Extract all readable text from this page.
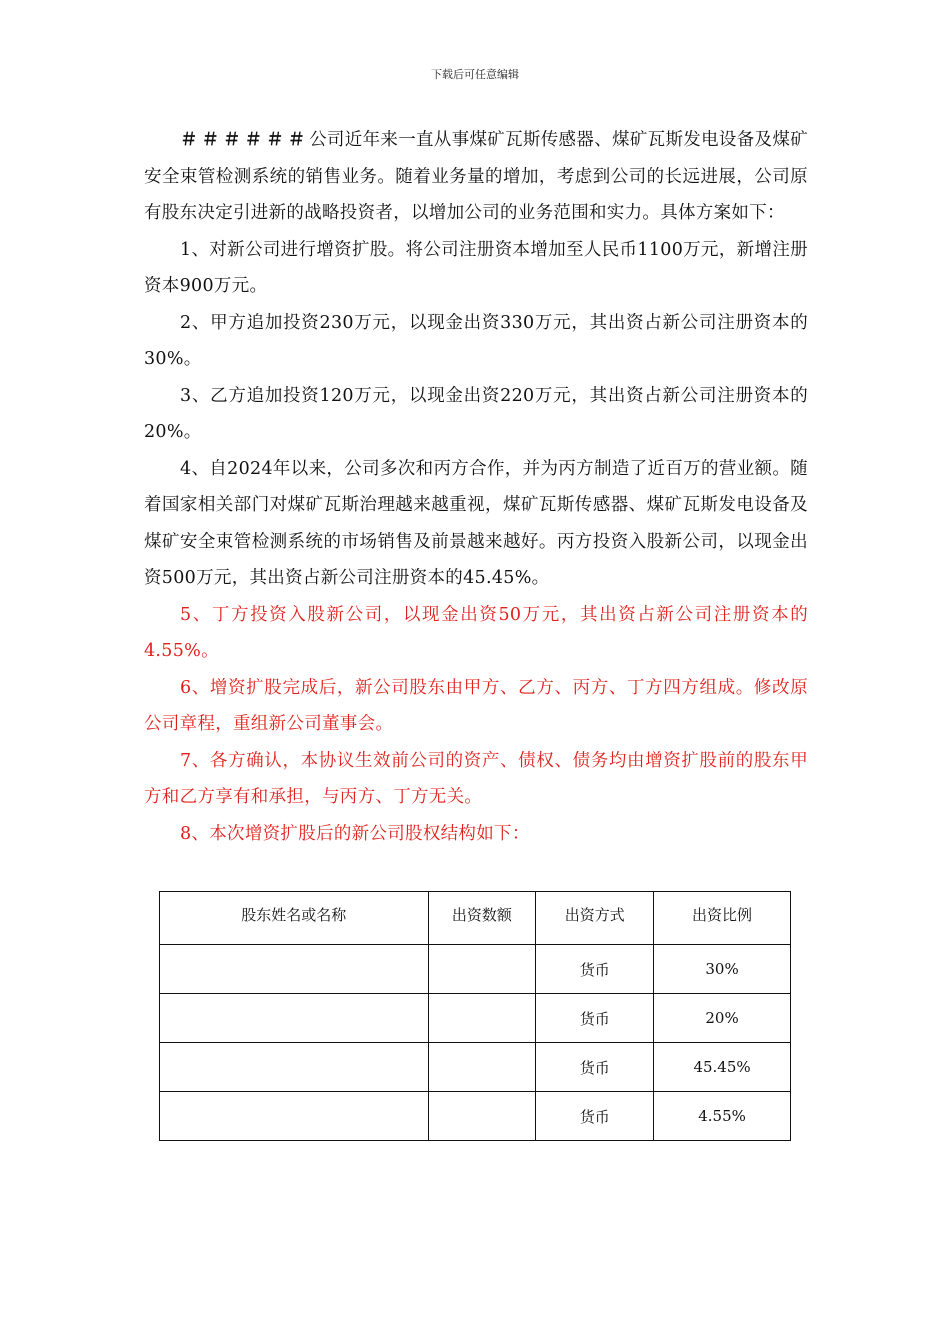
下载后可任意编辑

＃＃＃＃＃＃公司近年来一直从事煤矿瓦斯传感器、煤矿瓦斯发电设备及煤矿安全束管检测系统的销售业务。随着业务量的增加，考虑到公司的长远进展，公司原有股东决定引进新的战略投资者，以增加公司的业务范围和实力。具体方案如下：

1、对新公司进行增资扩股。将公司注册资本增加至人民币1100万元，新增注册资本900万元。

2、甲方追加投资230万元，以现金出资330万元，其出资占新公司注册资本的30%。

3、乙方追加投资120万元，以现金出资220万元，其出资占新公司注册资本的20%。

4、自2024年以来，公司多次和丙方合作，并为丙方制造了近百万的营业额。随着国家相关部门对煤矿瓦斯治理越来越重视，煤矿瓦斯传感器、煤矿瓦斯发电设备及煤矿安全束管检测系统的市场销售及前景越来越好。丙方投资入股新公司，以现金出资500万元，其出资占新公司注册资本的45.45%。

5、丁方投资入股新公司，以现金出资50万元，其出资占新公司注册资本的4.55%。

6、增资扩股完成后，新公司股东由甲方、乙方、丙方、丁方四方组成。修改原公司章程，重组新公司董事会。

7、各方确认，本协议生效前公司的资产、债权、债务均由增资扩股前的股东甲方和乙方享有和承担，与丙方、丁方无关。

8、本次增资扩股后的新公司股权结构如下：

股东姓名或名称	出资数额	出资方式	出资比例
		货币	30%
		货币	20%
		货币	45.45%
		货币	4.55%
